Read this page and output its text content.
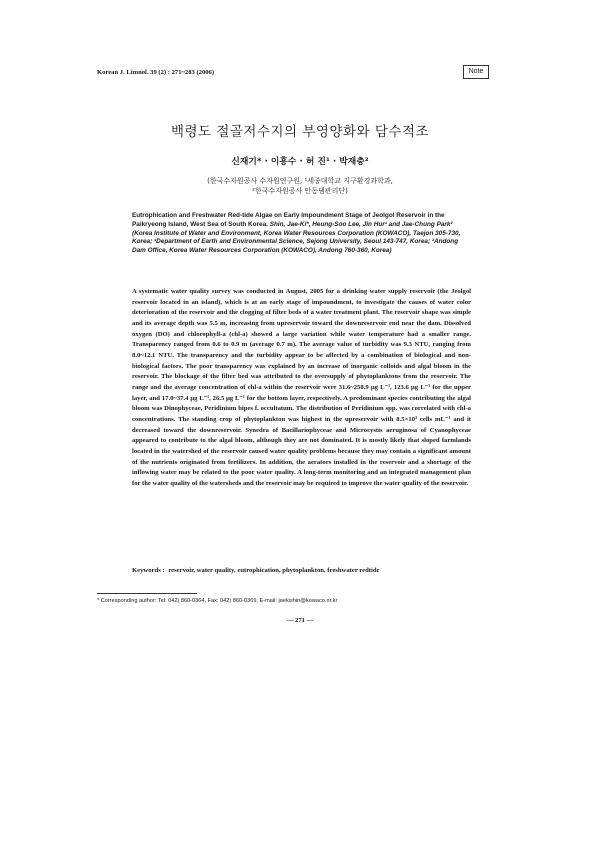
Korean J. Limnol. 39 (2) : 271~283 (2006)	Note
백령도 절골저수지의 부영양화와 담수적조
신재기* · 이흥수 · 허 진¹ · 박재충²
(한국수자원공사 수자원연구원, ¹세종대학교 지구환경과학과,
²한국수자원공사 안동댐관리단)
Eutrophication and Freshwater Red-tide Algae on Early Impoundment Stage of Jeolgol Reservoir in the Paikryeong Island, West Sea of South Korea. Shin, Jae-Ki*, Heung-Soo Lee, Jin Hur¹ and Jae-Chung Park² (Korea Institute of Water and Environment, Korea Water Resources Corporation (KOWACO), Taejon 305-730, Korea; ¹Department of Earth and Environmental Science, Sejong University, Seoul 143-747, Korea; ²Andong Dam Office, Korea Water Resources Corporation (KOWACO), Andong 760-360, Korea)
A systematic water quality survey was conducted in August, 2005 for a drinking water supply reservoir (the Jeolgol reservoir located in an island), which is at an early stage of impoundment, to investigate the causes of water color deterioration of the reservoir and the clogging of filter beds of a water treatment plant. The reservoir shape was simple and its average depth was 5.5 m, increasing from upreservoir toward the downreservoir end near the dam. Dissolved oxygen (DO) and chlorophyll-a (chl-a) showed a large variation while water temperature had a smaller range. Transparency ranged from 0.6 to 0.9 m (average 0.7 m). The average value of turbidity was 9.3 NTU, ranging from 8.0~12.1 NTU. The transparency and the turbidity appear to be affected by a combination of biological and non-biological factors. The poor transparency was explained by an increase of inorganic colloids and algal bloom in the reservoir. The blockage of the filter bed was attributed to the oversupply of phytoplanktons from the reservoir. The range and the average concentration of chl-a within the reservoir were 31.6~258.9 μg L⁻¹, 123.6 μg L⁻¹ for the upper layer, and 17.0~37.4 μg L⁻¹, 26.5 μg L⁻¹ for the bottom layer, respectively. A predominant species contributing the algal bloom was Dinophyceae, Peridinium bipes f. occultatum. The distribution of Peridinium spp. was correlated with chl-a concentrations. The standing crop of phytoplankton was highest in the upreservoir with 8.5×10³ cells mL⁻¹ and it decreased toward the downreservoir. Synedra of Bacillariophyceae and Microcystis aeruginosa of Cyanophyceae appeared to contribute to the algal bloom, although they are not dominated. It is mostly likely that sloped farmlands located in the watershed of the reservoir caused water quality problems because they may contain a significant amount of the nutrients originated from fertilizers. In addition, the aerators installed in the reservoir and a shortage of the inflowing water may be related to the poor water quality. A long-term monitoring and an integrated management plan for the water quality of the watersheds and the reservoir may be required to improve the water quality of the reservoir.
Keywords : reservoir, water quality, eutrophication, phytoplankton, freshwater redtide
* Corresponding author: Tel: 042) 860-0364, Fax: 042) 860-0369, E-mail: jaekishin@kowaco.or.kr
— 271 —
